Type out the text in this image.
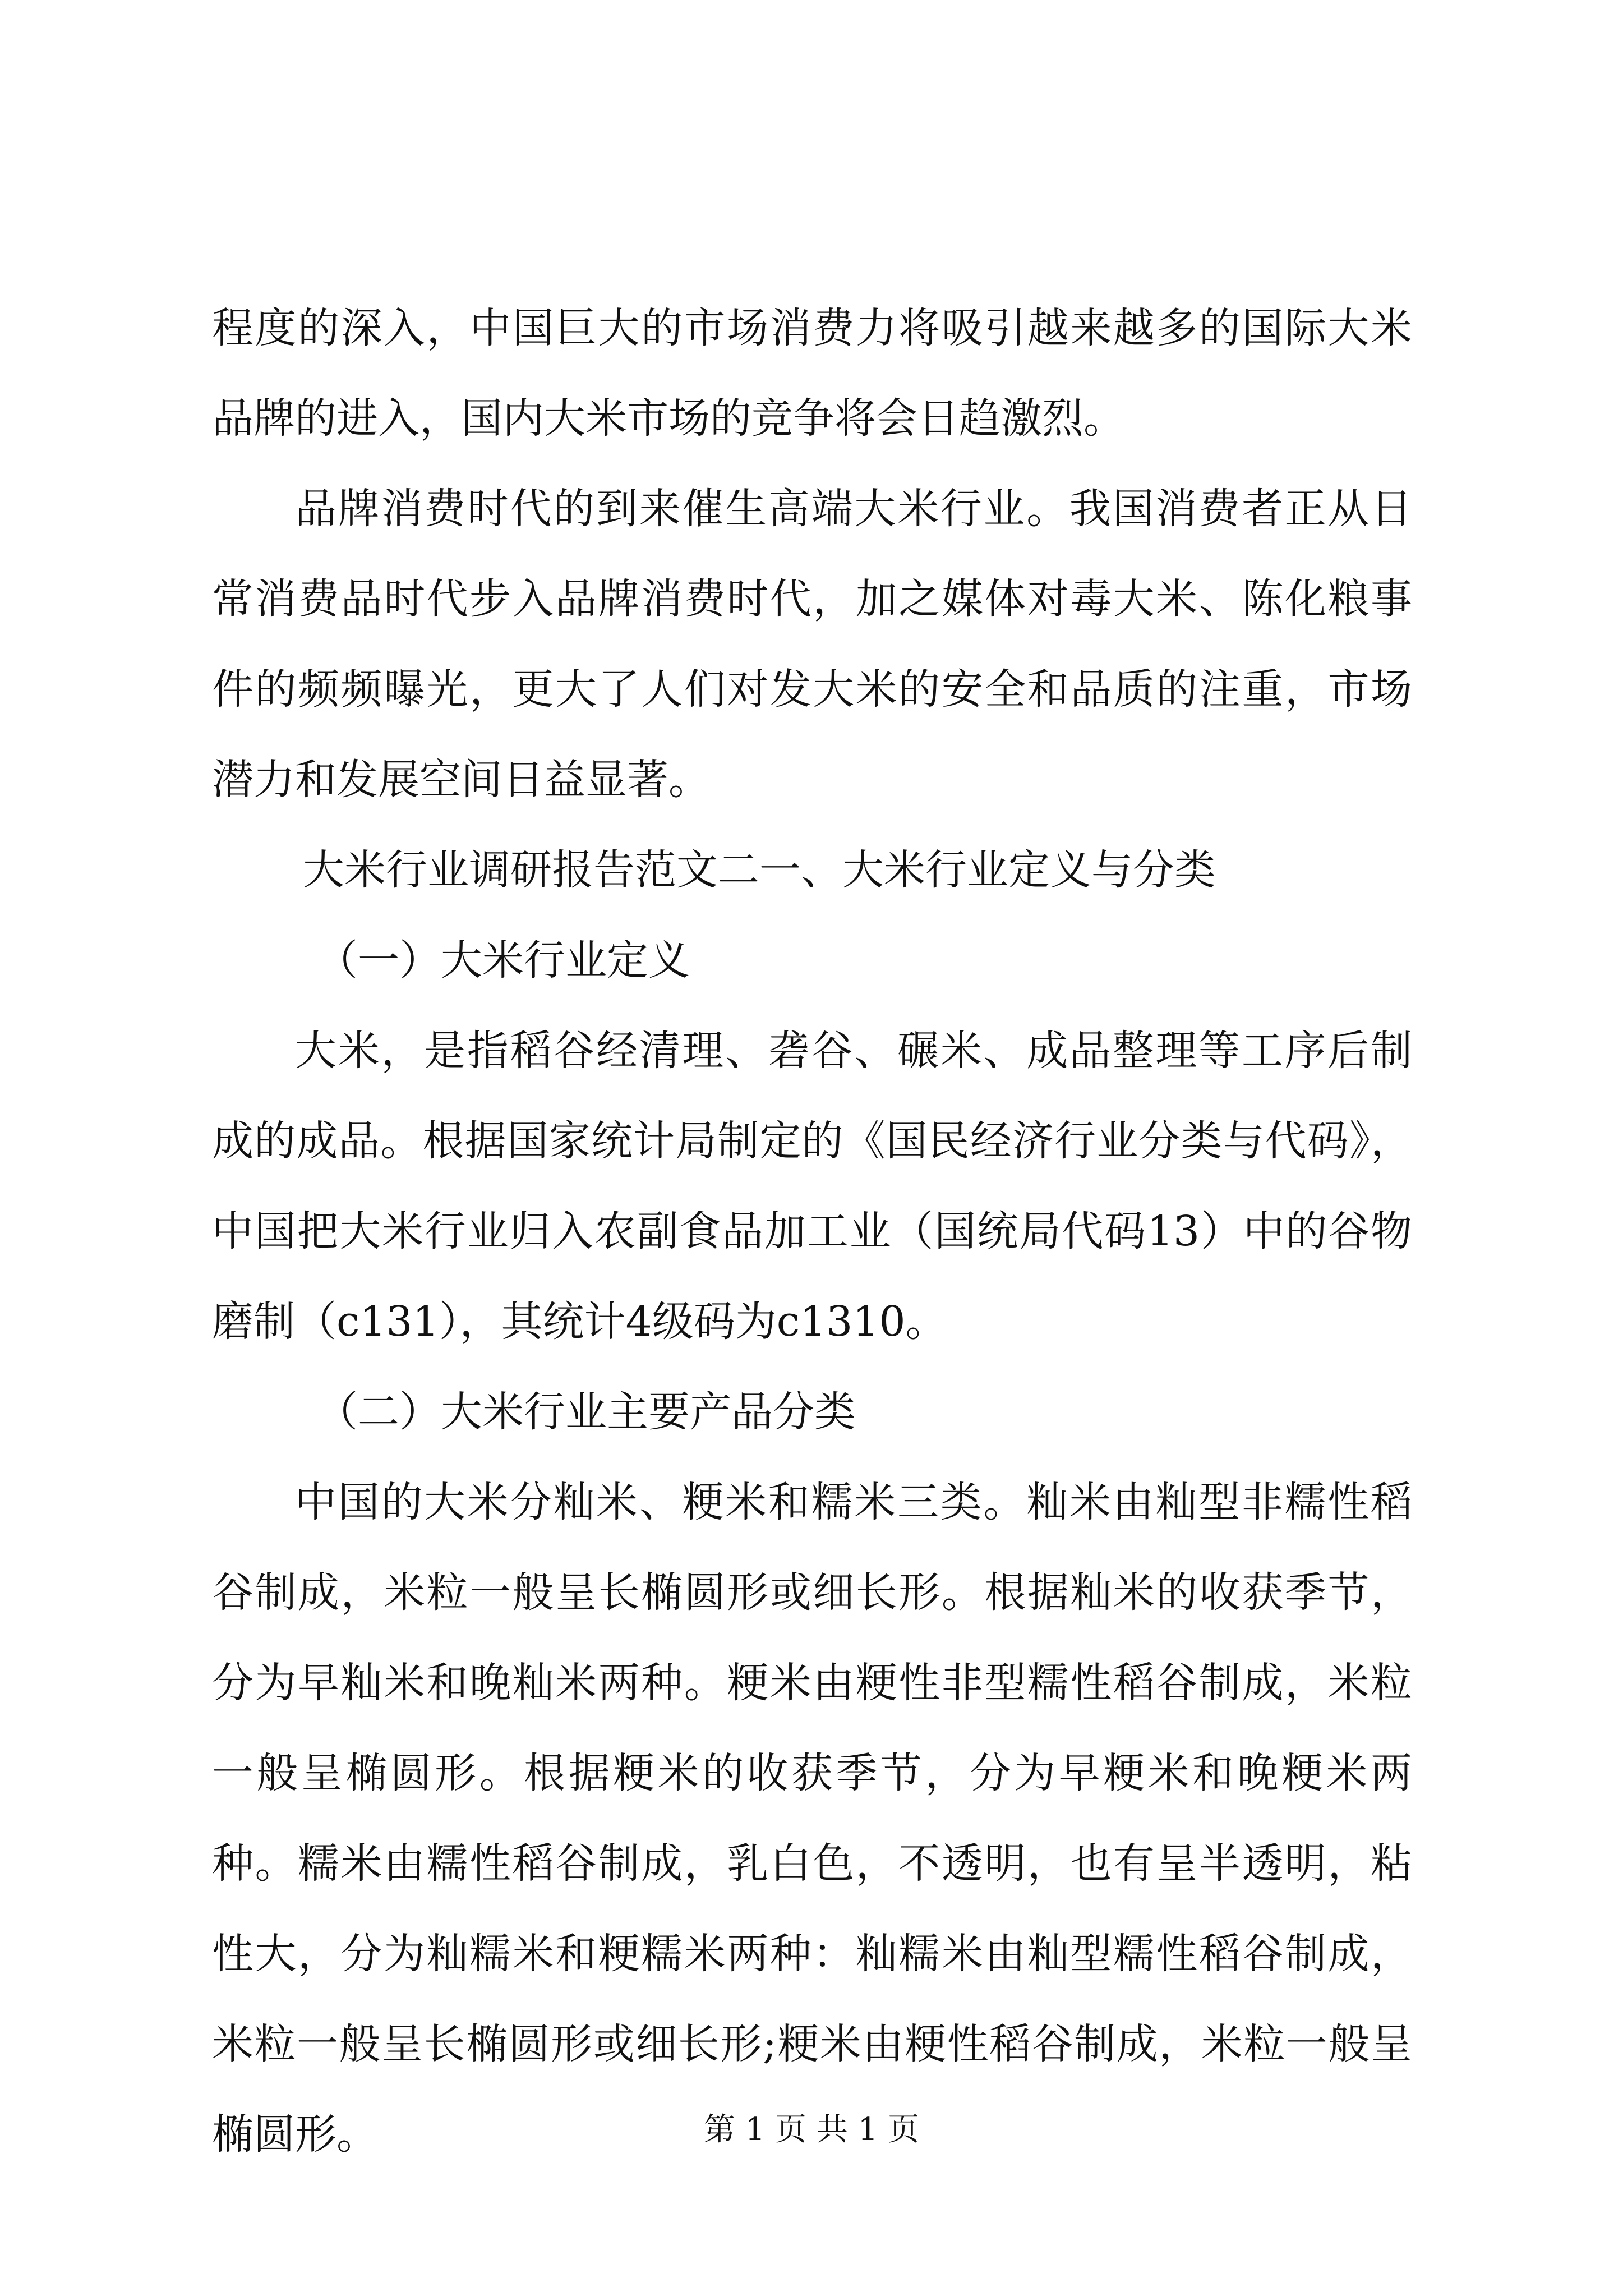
程度的深入，中国巨大的市场消费力将吸引越来越多的国际大米品牌的进入，国内大米市场的竞争将会日趋激烈。

品牌消费时代的到来催生高端大米行业。我国消费者正从日常消费品时代步入品牌消费时代，加之媒体对毒大米、陈化粮事件的频频曝光，更大了人们对发大米的安全和品质的注重，市场潜力和发展空间日益显著。

大米行业调研报告范文二一、大米行业定义与分类

（一）大米行业定义

大米，是指稻谷经清理、砻谷、碾米、成品整理等工序后制成的成品。根据国家统计局制定的《国民经济行业分类与代码》，中国把大米行业归入农副食品加工业（国统局代码13）中的谷物磨制（c131），其统计4级码为c1310。

（二）大米行业主要产品分类

中国的大米分籼米、粳米和糯米三类。籼米由籼型非糯性稻谷制成，米粒一般呈长椭圆形或细长形。根据籼米的收获季节，分为早籼米和晚籼米两种。粳米由粳性非型糯性稻谷制成，米粒一般呈椭圆形。根据粳米的收获季节，分为早粳米和晚粳米两种。糯米由糯性稻谷制成，乳白色，不透明，也有呈半透明，粘性大，分为籼糯米和粳糯米两种：籼糯米由籼型糯性稻谷制成，米粒一般呈长椭圆形或细长形;粳米由粳性稻谷制成，米粒一般呈椭圆形。	第 1 页 共 1 页
